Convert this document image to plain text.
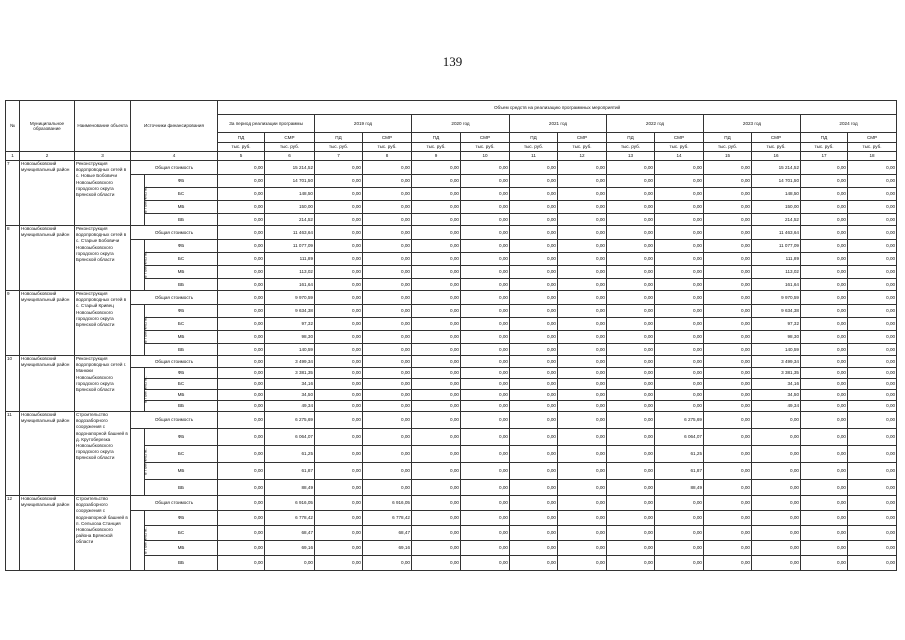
139
№	Муниципальное образование	Наименование объекта	Источники финансирования		Объем средств на реализацию программных мероприятий													
					За период реализации программы		2019 год		2020 год		2021 год		2022 год		2023 год		2024 год	
					ПД	СМР	ПД	СМР	ПД	СМР	ПД	СМР	ПД	СМР	ПД	СМР	ПД	СМР
					тыс. руб.	тыс. руб.	тыс. руб.	тыс. руб.	тыс. руб.	тыс. руб.	тыс. руб.	тыс. руб.	тыс. руб.	тыс. руб.	тыс. руб.	тыс. руб.	тыс. руб.	тыс. руб.
1	2	3	4		5	6	7	8	9	10	11	12	13	14	15	16	17	18
7	Новозыбковский муниципальный район	Реконструкция водопроводных сетей в с. Новые Бобовичи Новозыбковского городского округа Брянской области	Общая стоимость		0,00	15 214,52	0,00	0,00	0,00	0,00	0,00	0,00	0,00	0,00	0,00	15 214,52	0,00	0,00
			в том числе:	ФБ	0,00	14 701,50	0,00	0,00	0,00	0,00	0,00	0,00	0,00	0,00	0,00	14 701,50	0,00	0,00
				БС	0,00	148,50	0,00	0,00	0,00	0,00	0,00	0,00	0,00	0,00	0,00	148,50	0,00	0,00
				МБ	0,00	150,00	0,00	0,00	0,00	0,00	0,00	0,00	0,00	0,00	0,00	150,00	0,00	0,00
				ВБ	0,00	214,52	0,00	0,00	0,00	0,00	0,00	0,00	0,00	0,00	0,00	214,52	0,00	0,00
8	Новозыбковский муниципальный район	Реконструкция водопроводных сетей в с. Старые Бобовичи Новозыбковского городского округа Брянской области	Общая стоимость		0,00	11 463,64	0,00	0,00	0,00	0,00	0,00	0,00	0,00	0,00	0,00	11 463,64	0,00	0,00
			в том числе:	ФБ	0,00	11 077,09	0,00	0,00	0,00	0,00	0,00	0,00	0,00	0,00	0,00	11 077,09	0,00	0,00
				БС	0,00	111,89	0,00	0,00	0,00	0,00	0,00	0,00	0,00	0,00	0,00	111,89	0,00	0,00
				МБ	0,00	113,02	0,00	0,00	0,00	0,00	0,00	0,00	0,00	0,00	0,00	113,02	0,00	0,00
				ВБ	0,00	161,64	0,00	0,00	0,00	0,00	0,00	0,00	0,00	0,00	0,00	161,64	0,00	0,00
9	Новозыбковский муниципальный район	Реконструкция водопроводных сетей в с. Старый Кривец Новозыбковского городского округа Брянской области	Общая стоимость		0,00	9 970,59	0,00	0,00	0,00	0,00	0,00	0,00	0,00	0,00	0,00	9 970,59	0,00	0,00
			в том числе:	ФБ	0,00	9 634,38	0,00	0,00	0,00	0,00	0,00	0,00	0,00	0,00	0,00	9 634,38	0,00	0,00
				БС	0,00	97,32	0,00	0,00	0,00	0,00	0,00	0,00	0,00	0,00	0,00	97,32	0,00	0,00
				МБ	0,00	98,30	0,00	0,00	0,00	0,00	0,00	0,00	0,00	0,00	0,00	98,30	0,00	0,00
				ВБ	0,00	140,59	0,00	0,00	0,00	0,00	0,00	0,00	0,00	0,00	0,00	140,59	0,00	0,00
10	Новозыбковский муниципальный район	Реконструкция водопроводных сетей г. Манюки Новозыбковского городского округа Брянской области	Общая стоимость		0,00	3 499,34	0,00	0,00	0,00	0,00	0,00	0,00	0,00	0,00	0,00	3 499,34	0,00	0,00
			в том числе:	ФБ	0,00	3 381,35	0,00	0,00	0,00	0,00	0,00	0,00	0,00	0,00	0,00	3 381,35	0,00	0,00
				БС	0,00	34,16	0,00	0,00	0,00	0,00	0,00	0,00	0,00	0,00	0,00	34,16	0,00	0,00
				МБ	0,00	34,50	0,00	0,00	0,00	0,00	0,00	0,00	0,00	0,00	0,00	34,50	0,00	0,00
				ВБ	0,00	49,34	0,00	0,00	0,00	0,00	0,00	0,00	0,00	0,00	0,00	49,34	0,00	0,00
11	Новозыбковский муниципальный район	Строительство водозаборного сооружения с водонапорной башней в д. Крутоберезка Новозыбковского городского округа Брянской области	Общая стоимость		0,00	6 275,69	0,00	0,00	0,00	0,00	0,00	0,00	0,00	6 275,69	0,00	0,00	0,00	0,00
			в том числе:	ФБ	0,00	6 064,07	0,00	0,00	0,00	0,00	0,00	0,00	0,00	6 064,07	0,00	0,00	0,00	0,00
				БС	0,00	61,25	0,00	0,00	0,00	0,00	0,00	0,00	0,00	61,25	0,00	0,00	0,00	0,00
				МБ	0,00	61,87	0,00	0,00	0,00	0,00	0,00	0,00	0,00	61,87	0,00	0,00	0,00	0,00
				ВБ	0,00	88,49	0,00	0,00	0,00	0,00	0,00	0,00	0,00	88,49	0,00	0,00	0,00	0,00
12	Новозыбковский муниципальный район	Строительство водозаборного сооружения с водонапорной башней в п. Сельхоза Станция Новозыбковского района Брянской области	Общая стоимость		0,00	6 916,05	0,00	6 916,05	0,00	0,00	0,00	0,00	0,00	0,00	0,00	0,00	0,00	0,00
			в том числе:	ФБ	0,00	6 778,42	0,00	6 778,42	0,00	0,00	0,00	0,00	0,00	0,00	0,00	0,00	0,00	0,00
				БС	0,00	68,47	0,00	68,47	0,00	0,00	0,00	0,00	0,00	0,00	0,00	0,00	0,00	0,00
				МБ	0,00	69,16	0,00	69,16	0,00	0,00	0,00	0,00	0,00	0,00	0,00	0,00	0,00	0,00
				ВБ	0,00	0,00	0,00	0,00	0,00	0,00	0,00	0,00	0,00	0,00	0,00	0,00	0,00	0,00
